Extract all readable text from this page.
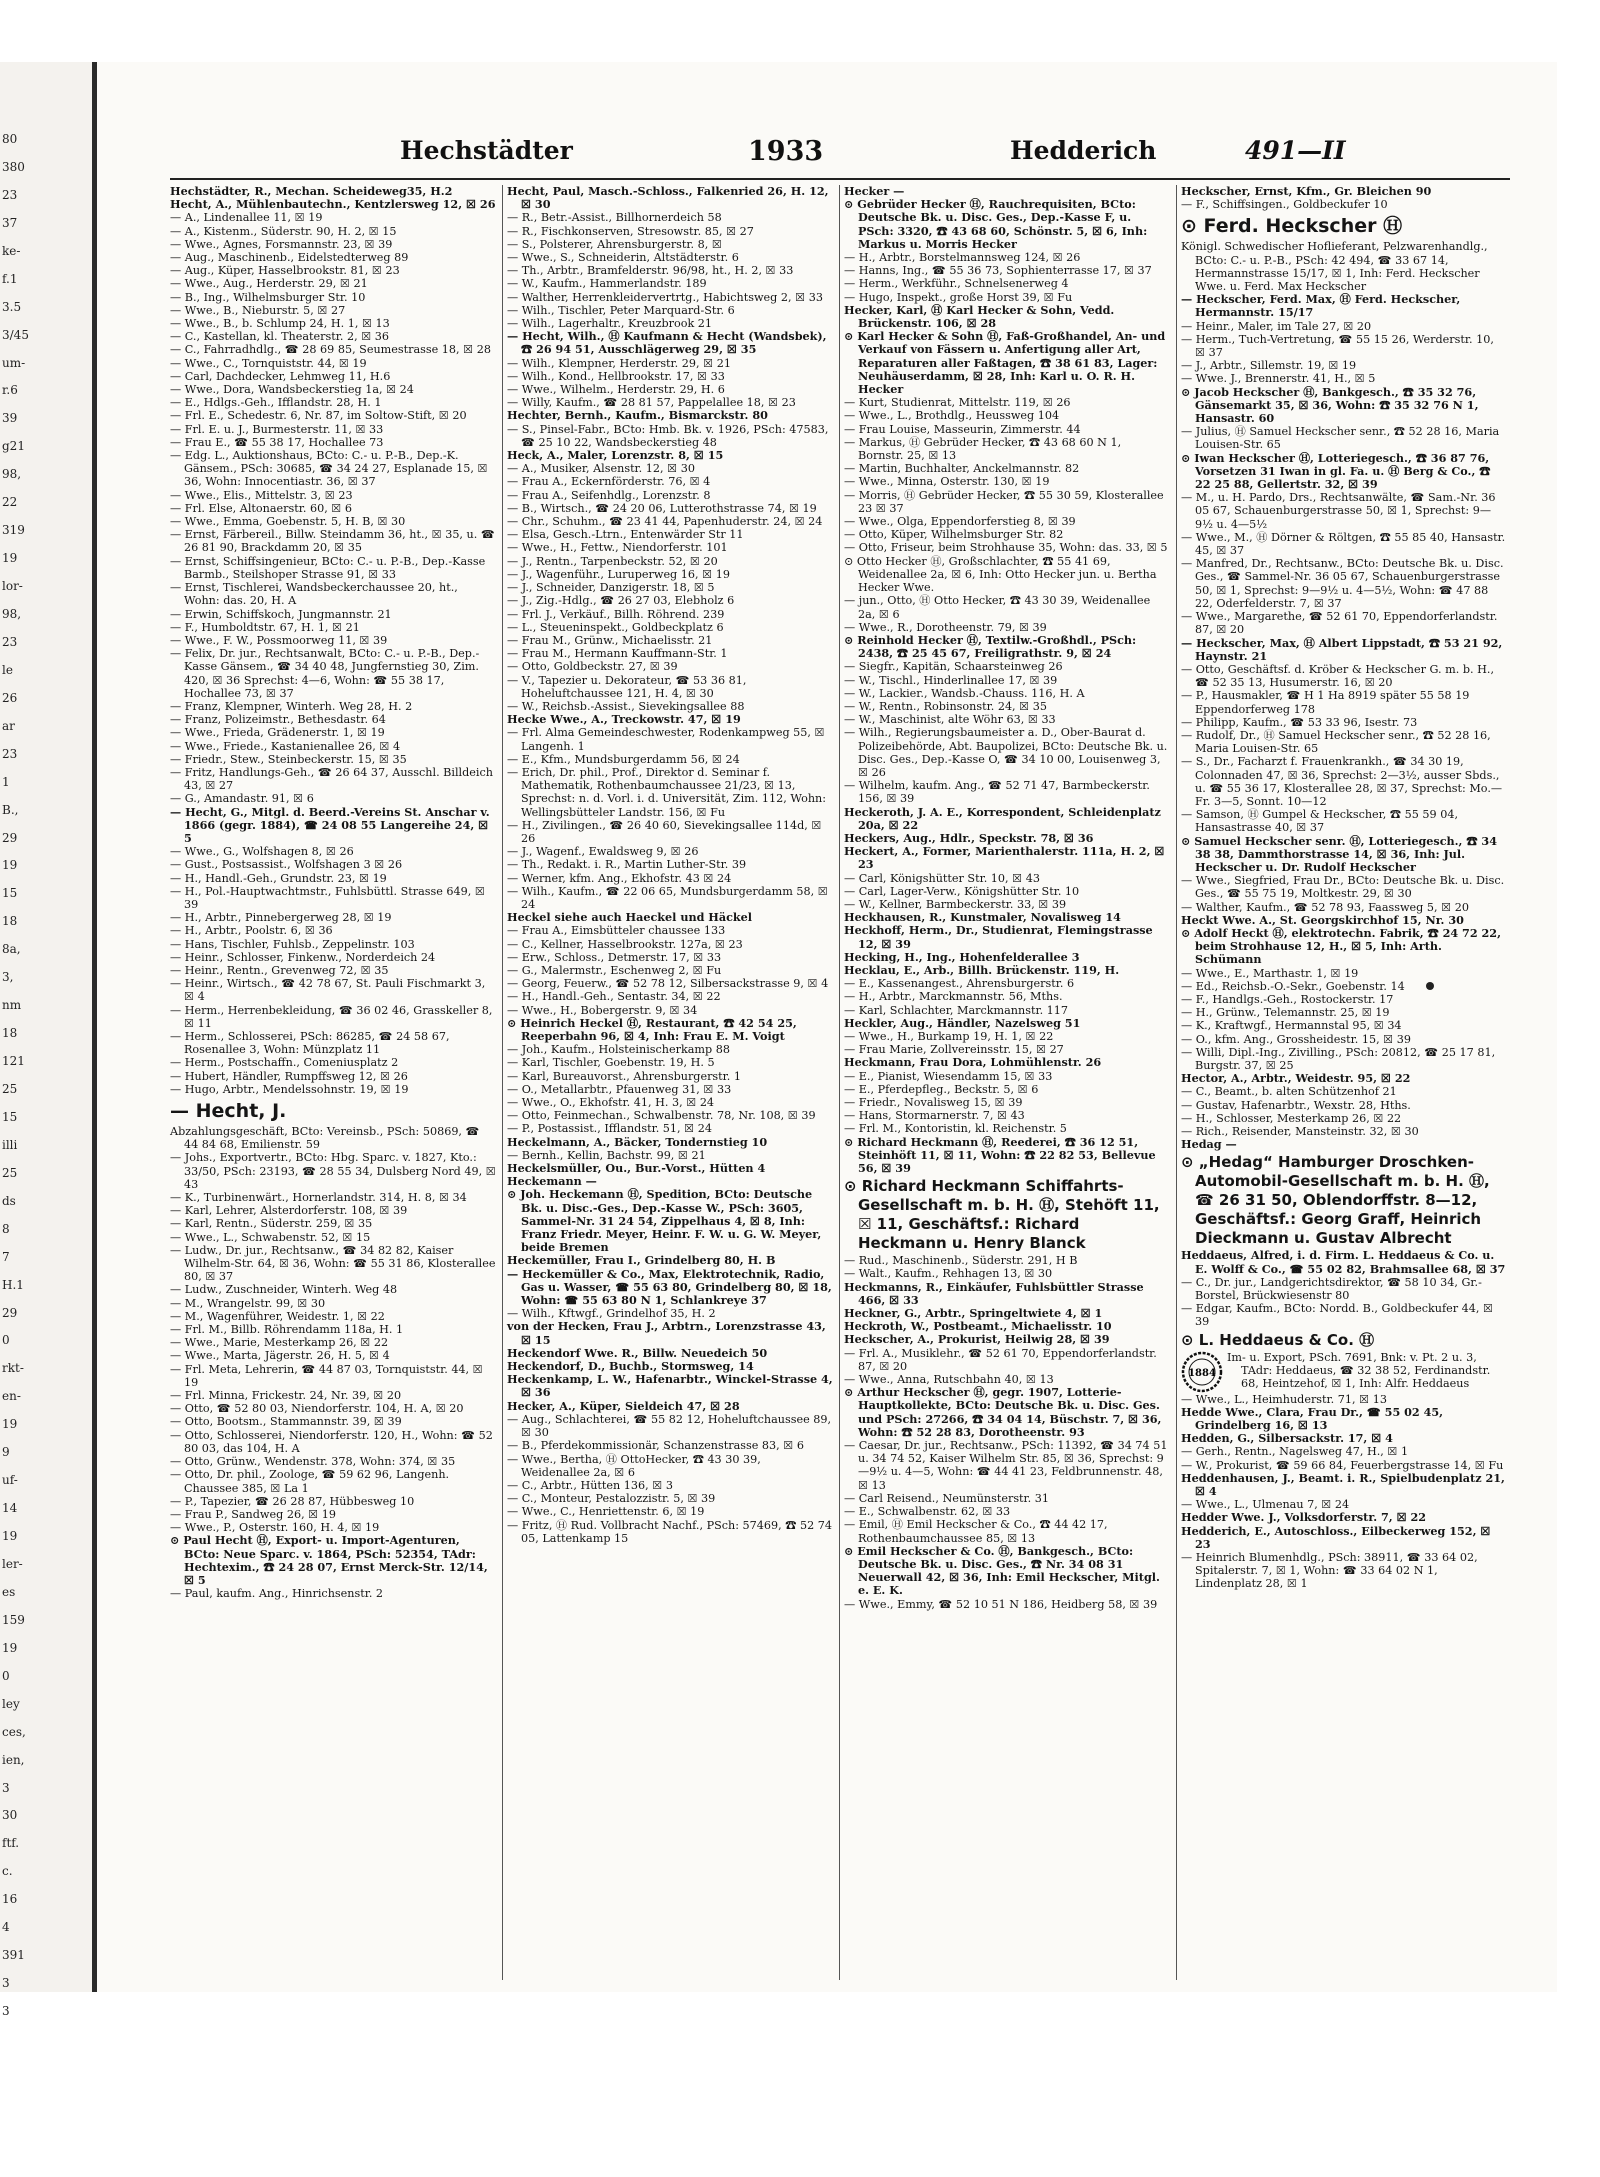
80
380
23
37
ke-
f.1
3.5
3/45
um-
r.6
39
g21
98,
22
319
19
lor-
98,
23
le
26
ar
23
1
B.,
29
19
15
18
8a,
3,
nm
18
121
25
15
illi
25
ds
8
7
H.1
29
0
rkt-
en-
19
9
uf-
14
19
ler-
es
159
19
0
ley
ces,
ien,
3
30
ftf.
c.
16
4
391
3
3
Hechstädter	1933	Hedderich	491—II
Hechstädter, R., Mechan. Scheideweg35, H.2
Hecht, A., Mühlenbautechn., Kentzlersweg 12, ☒ 26
— A., Lindenallee 11, ☒ 19
— A., Kistenm., Süderstr. 90, H. 2, ☒ 15
— Wwe., Agnes, Forsmannstr. 23, ☒ 39
— Aug., Maschinenb., Eidelstedterweg 89
— Aug., Küper, Hasselbrookstr. 81, ☒ 23
— Wwe., Aug., Herderstr. 29, ☒ 21
— B., Ing., Wilhelmsburger Str. 10
— Wwe., B., Nieburstr. 5, ☒ 27
— Wwe., B., b. Schlump 24, H. 1, ☒ 13
— C., Kastellan, kl. Theaterstr. 2, ☒ 36
— C., Fahrradhdlg., ☎ 28 69 85, Seumestrasse 18, ☒ 28
— Wwe., C., Tornquiststr. 44, ☒ 19
— Carl, Dachdecker, Lehmweg 11, H.6
— Wwe., Dora, Wandsbeckerstieg 1a, ☒ 24
— E., Hdlgs.-Geh., Ifflandstr. 28, H. 1
— Frl. E., Schedestr. 6, Nr. 87, im Soltow-Stift, ☒ 20
— Frl. E. u. J., Burmesterstr. 11, ☒ 33
— Frau E., ☎ 55 38 17, Hochallee 73
— Edg. L., Auktionshaus, BCto: C.- u. P.-B., Dep.-K. Gänsem., PSch: 30685, ☎ 34 24 27, Esplanade 15, ☒ 36, Wohn: Innocentiastr. 36, ☒ 37
— Wwe., Elis., Mittelstr. 3, ☒ 23
— Frl. Else, Altonaerstr. 60, ☒ 6
— Wwe., Emma, Goebenstr. 5, H. B, ☒ 30
— Ernst, Färbereil., Billw. Steindamm 36, ht., ☒ 35, u. ☎ 26 81 90, Brackdamm 20, ☒ 35
— Ernst, Schiffsingenieur, BCto: C.- u. P.-B., Dep.-Kasse Barmb., Steilshoper Strasse 91, ☒ 33
— Ernst, Tischlerei, Wandsbeckerchaussee 20, ht., Wohn: das. 20, H. A
— Erwin, Schiffskoch, Jungmannstr. 21
— F., Humboldtstr. 67, H. 1, ☒ 21
— Wwe., F. W., Possmoorweg 11, ☒ 39
— Felix, Dr. jur., Rechtsanwalt, BCto: C.- u. P.-B., Dep.-Kasse Gänsem., ☎ 34 40 48, Jungfernstieg 30, Zim. 420, ☒ 36 Sprechst: 4—6, Wohn: ☎ 55 38 17, Hochallee 73, ☒ 37
— Franz, Klempner, Winterh. Weg 28, H. 2
— Franz, Polizeimstr., Bethesdastr. 64
— Wwe., Frieda, Grädenerstr. 1, ☒ 19
— Wwe., Friede., Kastanienallee 26, ☒ 4
— Friedr., Stew., Steinbeckerstr. 15, ☒ 35
— Fritz, Handlungs-Geh., ☎ 26 64 37, Ausschl. Billdeich 43, ☒ 27
— G., Amandastr. 91, ☒ 6
— Hecht, G., Mitgl. d. Beerd.-Vereins St. Anschar v. 1866 (gegr. 1884), ☎ 24 08 55 Langereihe 24, ☒ 5
— Wwe., G., Wolfshagen 8, ☒ 26
— Gust., Postsassist., Wolfshagen 3 ☒ 26
— H., Handl.-Geh., Grundstr. 23, ☒ 19
— H., Pol.-Hauptwachtmstr., Fuhlsbüttl. Strasse 649, ☒ 39
— H., Arbtr., Pinnebergerweg 28, ☒ 19
— H., Arbtr., Poolstr. 6, ☒ 36
— Hans, Tischler, Fuhlsb., Zeppelinstr. 103
— Heinr., Schlosser, Finkenw., Norderdeich 24
— Heinr., Rentn., Grevenweg 72, ☒ 35
— Heinr., Wirtsch., ☎ 42 78 67, St. Pauli Fischmarkt 3, ☒ 4
— Herm., Herrenbekleidung, ☎ 36 02 46, Grasskeller 8, ☒ 11
— Herm., Schlosserei, PSch: 86285, ☎ 24 58 67, Rosenallee 3, Wohn: Münzplatz 11
— Herm., Postschaffn., Comeniusplatz 2
— Hubert, Händler, Rumpffsweg 12, ☒ 26
— Hugo, Arbtr., Mendelssohnstr. 19, ☒ 19
— Hecht, J.
Abzahlungsgeschäft, BCto: Vereinsb., PSch: 50869, ☎ 44 84 68, Emilienstr. 59
— Johs., Exportvertr., BCto: Hbg. Sparc. v. 1827, Kto.: 33/50, PSch: 23193, ☎ 28 55 34, Dulsberg Nord 49, ☒ 43
— K., Turbinenwärt., Hornerlandstr. 314, H. 8, ☒ 34
— Karl, Lehrer, Alsterdorferstr. 108, ☒ 39
— Karl, Rentn., Süderstr. 259, ☒ 35
— Wwe., L., Schwabenstr. 52, ☒ 15
— Ludw., Dr. jur., Rechtsanw., ☎ 34 82 82, Kaiser Wilhelm-Str. 64, ☒ 36, Wohn: ☎ 55 31 86, Klosterallee 80, ☒ 37
— Ludw., Zuschneider, Winterh. Weg 48
— M., Wrangelstr. 99, ☒ 30
— M., Wagenführer, Weidestr. 1, ☒ 22
— Frl. M., Billb. Röhrendamm 118a, H. 1
— Wwe., Marie, Mesterkamp 26, ☒ 22
— Wwe., Marta, Jägerstr. 26, H. 5, ☒ 4
— Frl. Meta, Lehrerin, ☎ 44 87 03, Tornquiststr. 44, ☒ 19
— Frl. Minna, Frickestr. 24, Nr. 39, ☒ 20
— Otto, ☎ 52 80 03, Niendorferstr. 104, H. A, ☒ 20
— Otto, Bootsm., Stammannstr. 39, ☒ 39
— Otto, Schlosserei, Niendorferstr. 120, H., Wohn: ☎ 52 80 03, das 104, H. A
— Otto, Grünw., Wendenstr. 378, Wohn: 374, ☒ 35
— Otto, Dr. phil., Zoologe, ☎ 59 62 96, Langenh. Chaussee 385, ☒ La 1
— P., Tapezier, ☎ 26 28 87, Hübbesweg 10
— Frau P., Sandweg 26, ☒ 19
— Wwe., P., Osterstr. 160, H. 4, ☒ 19
⊙ Paul Hecht Ⓗ, Export- u. Import-Agenturen, BCto: Neue Sparc. v. 1864, PSch: 52354, TAdr: Hechtexim., ☎ 24 28 07, Ernst Merck-Str. 12/14, ☒ 5
— Paul, kaufm. Ang., Hinrichsenstr. 2
Hecht, Paul, Masch.-Schloss., Falkenried 26, H. 12, ☒ 30
— R., Betr.-Assist., Billhornerdeich 58
— R., Fischkonserven, Stresowstr. 85, ☒ 27
— S., Polsterer, Ahrensburgerstr. 8, ☒
— Wwe., S., Schneiderin, Altstädterstr. 6
— Th., Arbtr., Bramfelderstr. 96/98, ht., H. 2, ☒ 33
— W., Kaufm., Hammerlandstr. 189
— Walther, Herrenkleidervertrtg., Habichtsweg 2, ☒ 33
— Wilh., Tischler, Peter Marquard-Str. 6
— Wilh., Lagerhaltr., Kreuzbrook 21
— Hecht, Wilh., Ⓗ Kaufmann & Hecht (Wandsbek), ☎ 26 94 51, Ausschlägerweg 29, ☒ 35
— Wilh., Klempner, Herderstr. 29, ☒ 21
— Wilh., Kond., Hellbrookstr. 17, ☒ 33
— Wwe., Wilhelm., Herderstr. 29, H. 6
— Willy, Kaufm., ☎ 28 81 57, Pappelallee 18, ☒ 23
Hechter, Bernh., Kaufm., Bismarckstr. 80
— S., Pinsel-Fabr., BCto: Hmb. Bk. v. 1926, PSch: 47583, ☎ 25 10 22, Wandsbeckerstieg 48
Heck, A., Maler, Lorenzstr. 8, ☒ 15
— A., Musiker, Alsenstr. 12, ☒ 30
— Frau A., Eckernförderstr. 76, ☒ 4
— Frau A., Seifenhdlg., Lorenzstr. 8
— B., Wirtsch., ☎ 24 20 06, Lutterothstrasse 74, ☒ 19
— Chr., Schuhm., ☎ 23 41 44, Papenhuderstr. 24, ☒ 24
— Elsa, Gesch.-Ltrn., Entenwärder Str 11
— Wwe., H., Fettw., Niendorferstr. 101
— J., Rentn., Tarpenbeckstr. 52, ☒ 20
— J., Wagenführ., Luruperweg 16, ☒ 19
— J., Schneider, Danzigerstr. 18, ☒ 5
— J., Zig.-Hdlg., ☎ 26 27 03, Elebholz 6
— Frl. J., Verkäuf., Billh. Röhrend. 239
— L., Steueninspekt., Goldbeckplatz 6
— Frau M., Grünw., Michaelisstr. 21
— Frau M., Hermann Kauffmann-Str. 1
— Otto, Goldbeckstr. 27, ☒ 39
— V., Tapezier u. Dekorateur, ☎ 53 36 81, Hoheluftchaussee 121, H. 4, ☒ 30
— W., Reichsb.-Assist., Sievekingsallee 88
Hecke Wwe., A., Treckowstr. 47, ☒ 19
— Frl. Alma Gemeindeschwester, Rodenkampweg 55, ☒ Langenh. 1
— E., Kfm., Mundsburgerdamm 56, ☒ 24
— Erich, Dr. phil., Prof., Direktor d. Seminar f. Mathematik, Rothenbaumchaussee 21/23, ☒ 13, Sprechst: n. d. Vorl. i. d. Universität, Zim. 112, Wohn: Wellingsbütteler Landstr. 156, ☒ Fu
— H., Zivilingen., ☎ 26 40 60, Sievekingsallee 114d, ☒ 26
— J., Wagenf., Ewaldsweg 9, ☒ 26
— Th., Redakt. i. R., Martin Luther-Str. 39
— Werner, kfm. Ang., Ekhofstr. 43 ☒ 24
— Wilh., Kaufm., ☎ 22 06 65, Mundsburgerdamm 58, ☒ 24
Heckel siehe auch Haeckel und Häckel
— Frau A., Eimsbütteler chaussee 133
— C., Kellner, Hasselbrookstr. 127a, ☒ 23
— Erw., Schloss., Detmerstr. 17, ☒ 33
— G., Malermstr., Eschenweg 2, ☒ Fu
— Georg, Feuerw., ☎ 52 78 12, Silbersackstrasse 9, ☒ 4
— H., Handl.-Geh., Sentastr. 34, ☒ 22
— Wwe., H., Bobergerstr. 9, ☒ 34
⊙ Heinrich Heckel Ⓗ, Restaurant, ☎ 42 54 25, Reeperbahn 96, ☒ 4, Inh: Frau E. M. Voigt
— Joh., Kaufm., Holsteinischerkamp 88
— Karl, Tischler, Goebenstr. 19, H. 5
— Karl, Bureauvorst., Ahrensburgerstr. 1
— O., Metallarbtr., Pfauenweg 31, ☒ 33
— Wwe., O., Ekhofstr. 41, H. 3, ☒ 24
— Otto, Feinmechan., Schwalbenstr. 78, Nr. 108, ☒ 39
— P., Postassist., Ifflandstr. 51, ☒ 24
Heckelmann, A., Bäcker, Tondernstieg 10
— Bernh., Kellin, Bachstr. 99, ☒ 21
Heckelsmüller, Ou., Bur.-Vorst., Hütten 4
Heckemann —
⊙ Joh. Heckemann Ⓗ, Spedition, BCto: Deutsche Bk. u. Disc.-Ges., Dep.-Kasse W., PSch: 3605, Sammel-Nr. 31 24 54, Zippelhaus 4, ☒ 8, Inh: Franz Friedr. Meyer, Heinr. F. W. u. G. W. Meyer, beide Bremen
Heckemüller, Frau I., Grindelberg 80, H. B
— Heckemüller & Co., Max, Elektrotechnik, Radio, Gas u. Wasser, ☎ 55 63 80, Grindelberg 80, ☒ 18, Wohn: ☎ 55 63 80 N 1, Schlankreye 37
— Wilh., Kftwgf., Grindelhof 35, H. 2
von der Hecken, Frau J., Arbtrn., Lorenzstrasse 43, ☒ 15
Heckendorf Wwe. R., Billw. Neuedeich 50
Heckendorf, D., Buchb., Stormsweg, 14
Heckenkamp, L. W., Hafenarbtr., Winckel-Strasse 4, ☒ 36
Hecker, A., Küper, Sieldeich 47, ☒ 28
— Aug., Schlachterei, ☎ 55 82 12, Hoheluftchaussee 89, ☒ 30
— B., Pferdekommissionär, Schanzenstrasse 83, ☒ 6
— Wwe., Bertha, Ⓗ OttoHecker, ☎ 43 30 39, Weidenallee 2a, ☒ 6
— C., Arbtr., Hütten 136, ☒ 3
— C., Monteur, Pestalozzistr. 5, ☒ 39
— Wwe., C., Henriettenstr. 6, ☒ 19
— Fritz, Ⓗ Rud. Vollbracht Nachf., PSch: 57469, ☎ 52 74 05, Lattenkamp 15
Hecker —
⊙ Gebrüder Hecker Ⓗ, Rauchrequisiten, BCto: Deutsche Bk. u. Disc. Ges., Dep.-Kasse F, u. PSch: 3320, ☎ 43 68 60, Schönstr. 5, ☒ 6, Inh: Markus u. Morris Hecker
— H., Arbtr., Borstelmannsweg 124, ☒ 26
— Hanns, Ing., ☎ 55 36 73, Sophienterrasse 17, ☒ 37
— Herm., Werkführ., Schnelsenerweg 4
— Hugo, Inspekt., große Horst 39, ☒ Fu
Hecker, Karl, Ⓗ Karl Hecker & Sohn, Vedd. Brückenstr. 106, ☒ 28
⊙ Karl Hecker & Sohn Ⓗ, Faß-Großhandel, An- und Verkauf von Fässern u. Anfertigung aller Art, Reparaturen aller Faßtagen, ☎ 38 61 83, Lager: Neuhäuserdamm, ☒ 28, Inh: Karl u. O. R. H. Hecker
— Kurt, Studienrat, Mittelstr. 119, ☒ 26
— Wwe., L., Brothdlg., Heussweg 104
— Frau Louise, Masseurin, Zimmerstr. 44
— Markus, Ⓗ Gebrüder Hecker, ☎ 43 68 60 N 1, Bornstr. 25, ☒ 13
— Martin, Buchhalter, Anckelmannstr. 82
— Wwe., Minna, Osterstr. 130, ☒ 19
— Morris, Ⓗ Gebrüder Hecker, ☎ 55 30 59, Klosterallee 23 ☒ 37
— Wwe., Olga, Eppendorferstieg 8, ☒ 39
— Otto, Küper, Wilhelmsburger Str. 82
— Otto, Friseur, beim Strohhause 35, Wohn: das. 33, ☒ 5
⊙ Otto Hecker Ⓗ, Großschlachter, ☎ 55 41 69, Weidenallee 2a, ☒ 6, Inh: Otto Hecker jun. u. Bertha Hecker Wwe.
— jun., Otto, Ⓗ Otto Hecker, ☎ 43 30 39, Weidenallee 2a, ☒ 6
— Wwe., R., Dorotheenstr. 79, ☒ 39
⊙ Reinhold Hecker Ⓗ, Textilw.-Großhdl., PSch: 2438, ☎ 25 45 67, Freiligrathstr. 9, ☒ 24
— Siegfr., Kapitän, Schaarsteinweg 26
— W., Tischl., Hinderlinallee 17, ☒ 39
— W., Lackier., Wandsb.-Chauss. 116, H. A
— W., Rentn., Robinsonstr. 24, ☒ 35
— W., Maschinist, alte Wöhr 63, ☒ 33
— Wilh., Regierungsbaumeister a. D., Ober-Baurat d. Polizeibehörde, Abt. Baupolizei, BCto: Deutsche Bk. u. Disc. Ges., Dep.-Kasse O, ☎ 34 10 00, Louisenweg 3, ☒ 26
— Wilhelm, kaufm. Ang., ☎ 52 71 47, Barmbeckerstr. 156, ☒ 39
Heckeroth, J. A. E., Korrespondent, Schleidenplatz 20a, ☒ 22
Heckers, Aug., Hdlr., Speckstr. 78, ☒ 36
Heckert, A., Former, Marienthalerstr. 111a, H. 2, ☒ 23
— Carl, Königshütter Str. 10, ☒ 43
— Carl, Lager-Verw., Königshütter Str. 10
— W., Kellner, Barmbeckerstr. 33, ☒ 39
Heckhausen, R., Kunstmaler, Novalisweg 14
Heckhoff, Herm., Dr., Studienrat, Flemingstrasse 12, ☒ 39
Hecking, H., Ing., Hohenfelderallee 3
Hecklau, E., Arb., Billh. Brückenstr. 119, H.
— E., Kassenangest., Ahrensburgerstr. 6
— H., Arbtr., Marckmannstr. 56, Mths.
— Karl, Schlachter, Marckmannstr. 117
Heckler, Aug., Händler, Nazelsweg 51
— Wwe., H., Burkamp 19, H. 1, ☒ 22
— Frau Marie, Zollvereinsstr. 15, ☒ 27
Heckmann, Frau Dora, Lohmühlenstr. 26
— E., Pianist, Wiesendamm 15, ☒ 33
— E., Pferdepfleg., Beckstr. 5, ☒ 6
— Friedr., Novalisweg 15, ☒ 39
— Hans, Stormarnerstr. 7, ☒ 43
— Frl. M., Kontoristin, kl. Reichenstr. 5
⊙ Richard Heckmann Ⓗ, Reederei, ☎ 36 12 51, Steinhöft 11, ☒ 11, Wohn: ☎ 22 82 53, Bellevue 56, ☒ 39
⊙ Richard Heckmann Schiffahrts-Gesellschaft m. b. H. Ⓗ, Stehöft 11, ☒ 11, Geschäftsf.: Richard Heckmann u. Henry Blanck
— Rud., Maschinenb., Süderstr. 291, H B
— Walt., Kaufm., Rehhagen 13, ☒ 30
Heckmanns, R., Einkäufer, Fuhlsbüttler Strasse 466, ☒ 33
Heckner, G., Arbtr., Springeltwiete 4, ☒ 1
Heckroth, W., Postbeamt., Michaelisstr. 10
Heckscher, A., Prokurist, Heilwig 28, ☒ 39
— Frl. A., Musiklehr., ☎ 52 61 70, Eppendorferlandstr. 87, ☒ 20
— Wwe., Anna, Rutschbahn 40, ☒ 13
⊙ Arthur Heckscher Ⓗ, gegr. 1907, Lotterie-Hauptkollekte, BCto: Deutsche Bk. u. Disc. Ges. und PSch: 27266, ☎ 34 04 14, Büschstr. 7, ☒ 36, Wohn: ☎ 52 28 83, Dorotheenstr. 93
— Caesar, Dr. jur., Rechtsanw., PSch: 11392, ☎ 34 74 51 u. 34 74 52, Kaiser Wilhelm Str. 85, ☒ 36, Sprechst: 9—9½ u. 4—5, Wohn: ☎ 44 41 23, Feldbrunnenstr. 48, ☒ 13
— Carl Reisend., Neumünsterstr. 31
— E., Schwalbenstr. 62, ☒ 33
— Emil, Ⓗ Emil Heckscher & Co., ☎ 44 42 17, Rothenbaumchaussee 85, ☒ 13
⊙ Emil Heckscher & Co. Ⓗ, Bankgesch., BCto: Deutsche Bk. u. Disc. Ges., ☎ Nr. 34 08 31 Neuerwall 42, ☒ 36, Inh: Emil Heckscher, Mitgl. e. E. K.
— Wwe., Emmy, ☎ 52 10 51 N 186, Heidberg 58, ☒ 39
Heckscher, Ernst, Kfm., Gr. Bleichen 90
— F., Schiffsingen., Goldbeckufer 10
⊙ Ferd. Heckscher Ⓗ
Königl. Schwedischer Hoflieferant, Pelzwarenhandlg., BCto: C.- u. P.-B., PSch: 42 494, ☎ 33 67 14, Hermannstrasse 15/17, ☒ 1, Inh: Ferd. Heckscher Wwe. u. Ferd. Max Heckscher
— Heckscher, Ferd. Max, Ⓗ Ferd. Heckscher, Hermannstr. 15/17
— Heinr., Maler, im Tale 27, ☒ 20
— Herm., Tuch-Vertretung, ☎ 55 15 26, Werderstr. 10, ☒ 37
— J., Arbtr., Sillemstr. 19, ☒ 19
— Wwe. J., Brennerstr. 41, H., ☒ 5
⊙ Jacob Heckscher Ⓗ, Bankgesch., ☎ 35 32 76, Gänsemarkt 35, ☒ 36, Wohn: ☎ 35 32 76 N 1, Hansastr. 60
— Julius, Ⓗ Samuel Heckscher senr., ☎ 52 28 16, Maria Louisen-Str. 65
⊙ Iwan Heckscher Ⓗ, Lotteriegesch., ☎ 36 87 76, Vorsetzen 31 Iwan in gl. Fa. u. Ⓗ Berg & Co., ☎ 22 25 88, Gellertstr. 32, ☒ 39
— M., u. H. Pardo, Drs., Rechtsanwälte, ☎ Sam.-Nr. 36 05 67, Schauenburgerstrasse 50, ☒ 1, Sprechst: 9—9½ u. 4—5½
— Wwe., M., Ⓗ Dörner & Röltgen, ☎ 55 85 40, Hansastr. 45, ☒ 37
— Manfred, Dr., Rechtsanw., BCto: Deutsche Bk. u. Disc. Ges., ☎ Sammel-Nr. 36 05 67, Schauenburgerstrasse 50, ☒ 1, Sprechst: 9—9½ u. 4—5½, Wohn: ☎ 47 88 22, Oderfelderstr. 7, ☒ 37
— Wwe., Margarethe, ☎ 52 61 70, Eppendorferlandstr. 87, ☒ 20
— Heckscher, Max, Ⓗ Albert Lippstadt, ☎ 53 21 92, Haynstr. 21
— Otto, Geschäftsf. d. Kröber & Heckscher G. m. b. H., ☎ 52 35 13, Husumerstr. 16, ☒ 20
— P., Hausmakler, ☎ H 1 Ha 8919 später 55 58 19 Eppendorferweg 178
— Philipp, Kaufm., ☎ 53 33 96, Isestr. 73
— Rudolf, Dr., Ⓗ Samuel Heckscher senr., ☎ 52 28 16, Maria Louisen-Str. 65
— S., Dr., Facharzt f. Frauenkrankh., ☎ 34 30 19, Colonnaden 47, ☒ 36, Sprechst: 2—3½, ausser Sbds., u. ☎ 55 36 17, Klosterallee 28, ☒ 37, Sprechst: Mo.—Fr. 3—5, Sonnt. 10—12
— Samson, Ⓗ Gumpel & Heckscher, ☎ 55 59 04, Hansastrasse 40, ☒ 37
⊙ Samuel Heckscher senr. Ⓗ, Lotteriegesch., ☎ 34 38 38, Dammthorstrasse 14, ☒ 36, Inh: Jul. Heckscher u. Dr. Rudolf Heckscher
— Wwe., Siegfried, Frau Dr., BCto: Deutsche Bk. u. Disc. Ges., ☎ 55 75 19, Moltkestr. 29, ☒ 30
— Walther, Kaufm., ☎ 52 78 93, Faassweg 5, ☒ 20
Heckt Wwe. A., St. Georgskirchhof 15, Nr. 30
⊙ Adolf Heckt Ⓗ, elektrotechn. Fabrik, ☎ 24 72 22, beim Strohhause 12, H., ☒ 5, Inh: Arth. Schümann
— Wwe., E., Marthastr. 1, ☒ 19
— Ed., Reichsb.-O.-Sekr., Goebenstr. 14
— F., Handlgs.-Geh., Rostockerstr. 17
— H., Grünw., Telemannstr. 25, ☒ 19
— K., Kraftwgf., Hermannstal 95, ☒ 34
— O., kfm. Ang., Grossheidestr. 15, ☒ 39
— Willi, Dipl.-Ing., Zivilling., PSch: 20812, ☎ 25 17 81, Burgstr. 37, ☒ 25
Hector, A., Arbtr., Weidestr. 95, ☒ 22
— C., Beamt., b. alten Schützenhof 21
— Gustav, Hafenarbtr., Wexstr. 28, Hths.
— H., Schlosser, Mesterkamp 26, ☒ 22
— Rich., Reisender, Mansteinstr. 32, ☒ 30
Hedag —
⊙ „Hedag“ Hamburger Droschken-Automobil-Gesellschaft m. b. H. Ⓗ, ☎ 26 31 50, Oblendorffstr. 8—12, Geschäftsf.: Georg Graff, Heinrich Dieckmann u. Gustav Albrecht
Heddaeus, Alfred, i. d. Firm. L. Heddaeus & Co. u. E. Wolff & Co., ☎ 55 02 82, Brahmsallee 68, ☒ 37
— C., Dr. jur., Landgerichtsdirektor, ☎ 58 10 34, Gr.-Borstel, Brückwiesenstr 80
— Edgar, Kaufm., BCto: Nordd. B., Goldbeckufer 44, ☒ 39
⊙ L. Heddaeus & Co. Ⓗ
1884
Im- u. Export, PSch. 7691, Bnk: v. Pt. 2 u. 3, TAdr: Heddaeus, ☎ 32 38 52, Ferdinandstr. 68, Heintzehof, ☒ 1, Inh: Alfr. Heddaeus
— Wwe., L., Heimhuderstr. 71, ☒ 13
Hedde Wwe., Clara, Frau Dr., ☎ 55 02 45, Grindelberg 16, ☒ 13
Hedden, G., Silbersackstr. 17, ☒ 4
— Gerh., Rentn., Nagelsweg 47, H., ☒ 1
— W., Prokurist, ☎ 59 66 84, Feuerbergstrasse 14, ☒ Fu
Heddenhausen, J., Beamt. i. R., Spielbudenplatz 21, ☒ 4
— Wwe., L., Ulmenau 7, ☒ 24
Hedder Wwe. J., Volksdorferstr. 7, ☒ 22
Hedderich, E., Autoschloss., Eilbeckerweg 152, ☒ 23
— Heinrich Blumenhdlg., PSch: 38911, ☎ 33 64 02, Spitalerstr. 7, ☒ 1, Wohn: ☎ 33 64 02 N 1, Lindenplatz 28, ☒ 1
